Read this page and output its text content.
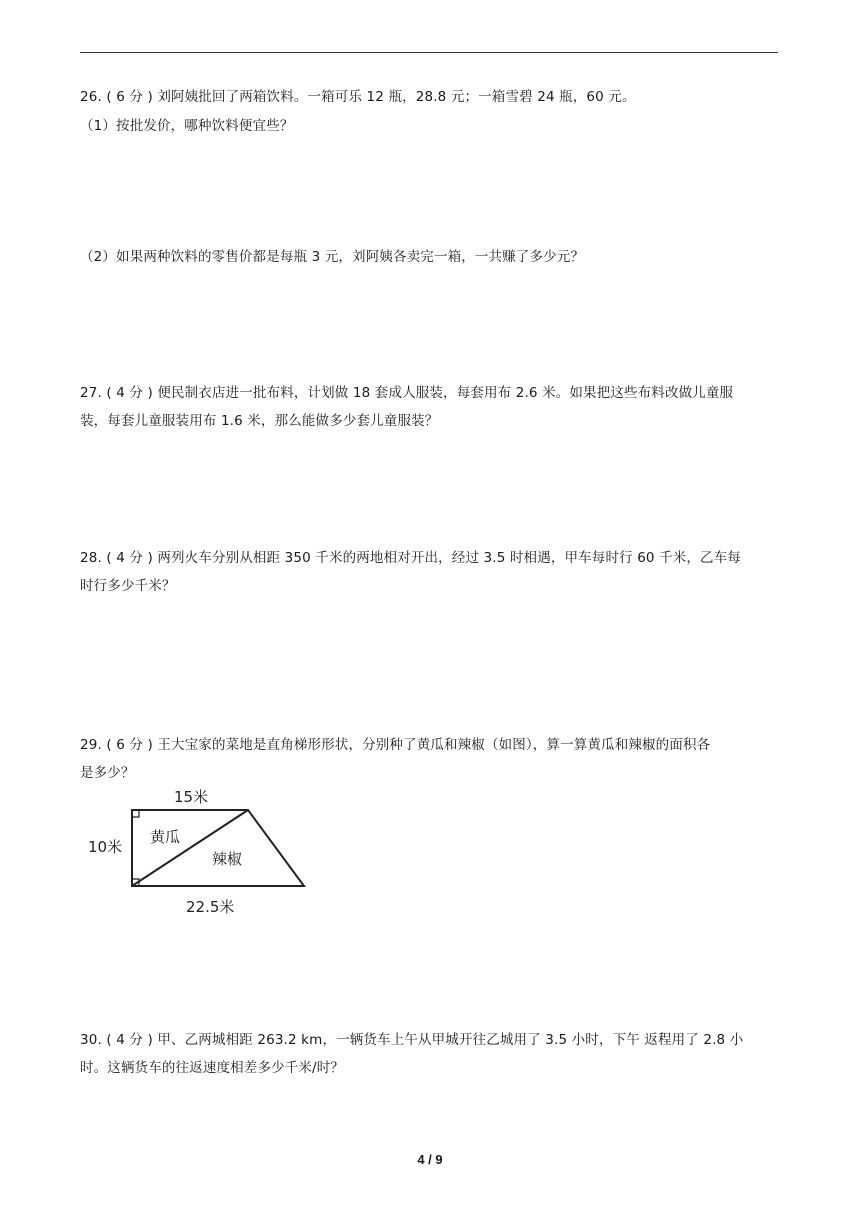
26. ( 6 分 ) 刘阿姨批回了两箱饮料。一箱可乐 12 瓶，28.8 元；一箱雪碧 24 瓶，60 元。
（1）按批发价，哪种饮料便宜些？
（2）如果两种饮料的零售价都是每瓶 3 元，刘阿姨各卖完一箱，一共赚了多少元？
27. ( 4 分 ) 便民制衣店进一批布料，计划做 18 套成人服装，每套用布 2.6 米。如果把这些布料改做儿童服
装，每套儿童服装用布 1.6 米，那么能做多少套儿童服装？
28. ( 4 分 ) 两列火车分别从相距 350 千米的两地相对开出，经过 3.5 时相遇，甲车每时行 60 千米，乙车每
时行多少千米？
29. ( 6 分 ) 王大宝家的菜地是直角梯形形状，分别种了黄瓜和辣椒（如图），算一算黄瓜和辣椒的面积各
是多少？
15米
10米
22.5米
黄瓜
辣椒
30. ( 4 分 ) 甲、乙两城相距 263.2 km，一辆货车上午从甲城开往乙城用了 3.5 小时，下午 返程用了 2.8 小
时。这辆货车的往返速度相差多少千米/时？
4 / 9
